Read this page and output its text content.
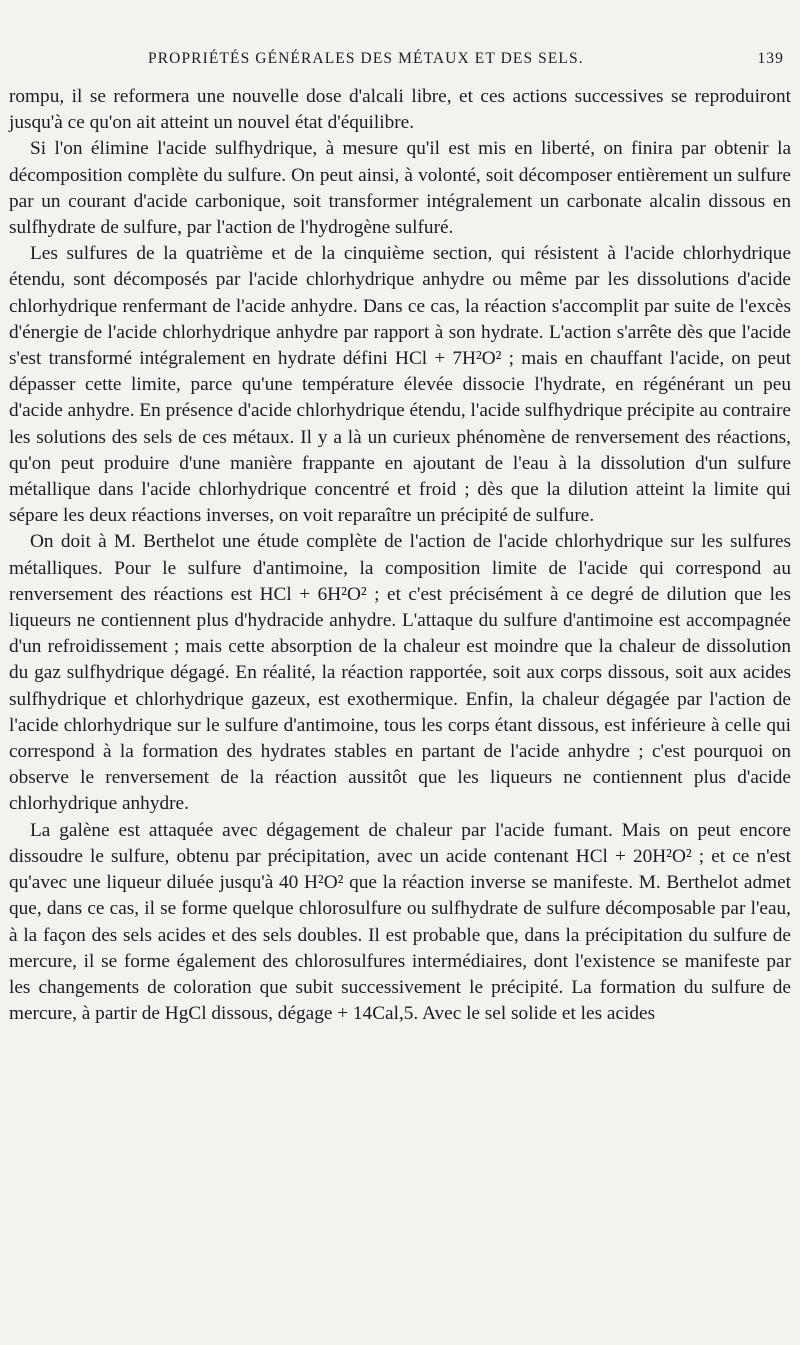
PROPRIÉTÉS GÉNÉRALES DES MÉTAUX ET DES SELS.	139

rompu, il se reformera une nouvelle dose d'alcali libre, et ces actions successives se reproduiront jusqu'à ce qu'on ait atteint un nouvel état d'équilibre.

Si l'on élimine l'acide sulfhydrique, à mesure qu'il est mis en liberté, on finira par obtenir la décomposition complète du sulfure. On peut ainsi, à volonté, soit décomposer entièrement un sulfure par un courant d'acide carbonique, soit transformer intégralement un carbonate alcalin dissous en sulfhydrate de sulfure, par l'action de l'hydrogène sulfuré.

Les sulfures de la quatrième et de la cinquième section, qui résistent à l'acide chlorhydrique étendu, sont décomposés par l'acide chlorhydrique anhydre ou même par les dissolutions d'acide chlorhydrique renfermant de l'acide anhydre. Dans ce cas, la réaction s'accomplit par suite de l'excès d'énergie de l'acide chlorhydrique anhydre par rapport à son hydrate. L'action s'arrête dès que l'acide s'est transformé intégralement en hydrate défini HCl + 7H²O² ; mais en chauffant l'acide, on peut dépasser cette limite, parce qu'une température élevée dissocie l'hydrate, en régénérant un peu d'acide anhydre. En présence d'acide chlorhydrique étendu, l'acide sulfhydrique précipite au contraire les solutions des sels de ces métaux. Il y a là un curieux phénomène de renversement des réactions, qu'on peut produire d'une manière frappante en ajoutant de l'eau à la dissolution d'un sulfure métallique dans l'acide chlorhydrique concentré et froid ; dès que la dilution atteint la limite qui sépare les deux réactions inverses, on voit reparaître un précipité de sulfure.

On doit à M. Berthelot une étude complète de l'action de l'acide chlorhydrique sur les sulfures métalliques. Pour le sulfure d'antimoine, la composition limite de l'acide qui correspond au renversement des réactions est HCl + 6H²O² ; et c'est précisément à ce degré de dilution que les liqueurs ne contiennent plus d'hydracide anhydre. L'attaque du sulfure d'antimoine est accompagnée d'un refroidissement ; mais cette absorption de la chaleur est moindre que la chaleur de dissolution du gaz sulfhydrique dégagé. En réalité, la réaction rapportée, soit aux corps dissous, soit aux acides sulfhydrique et chlorhydrique gazeux, est exothermique. Enfin, la chaleur dégagée par l'action de l'acide chlorhydrique sur le sulfure d'antimoine, tous les corps étant dissous, est inférieure à celle qui correspond à la formation des hydrates stables en partant de l'acide anhydre ; c'est pourquoi on observe le renversement de la réaction aussitôt que les liqueurs ne contiennent plus d'acide chlorhydrique anhydre.

La galène est attaquée avec dégagement de chaleur par l'acide fumant. Mais on peut encore dissoudre le sulfure, obtenu par précipitation, avec un acide contenant HCl + 20H²O² ; et ce n'est qu'avec une liqueur diluée jusqu'à 40 H²O² que la réaction inverse se manifeste. M. Berthelot admet que, dans ce cas, il se forme quelque chlorosulfure ou sulfhydrate de sulfure décomposable par l'eau, à la façon des sels acides et des sels doubles. Il est probable que, dans la précipitation du sulfure de mercure, il se forme également des chlorosulfures intermédiaires, dont l'existence se manifeste par les changements de coloration que subit successivement le précipité. La formation du sulfure de mercure, à partir de HgCl dissous, dégage + 14Cal,5. Avec le sel solide et les acides
